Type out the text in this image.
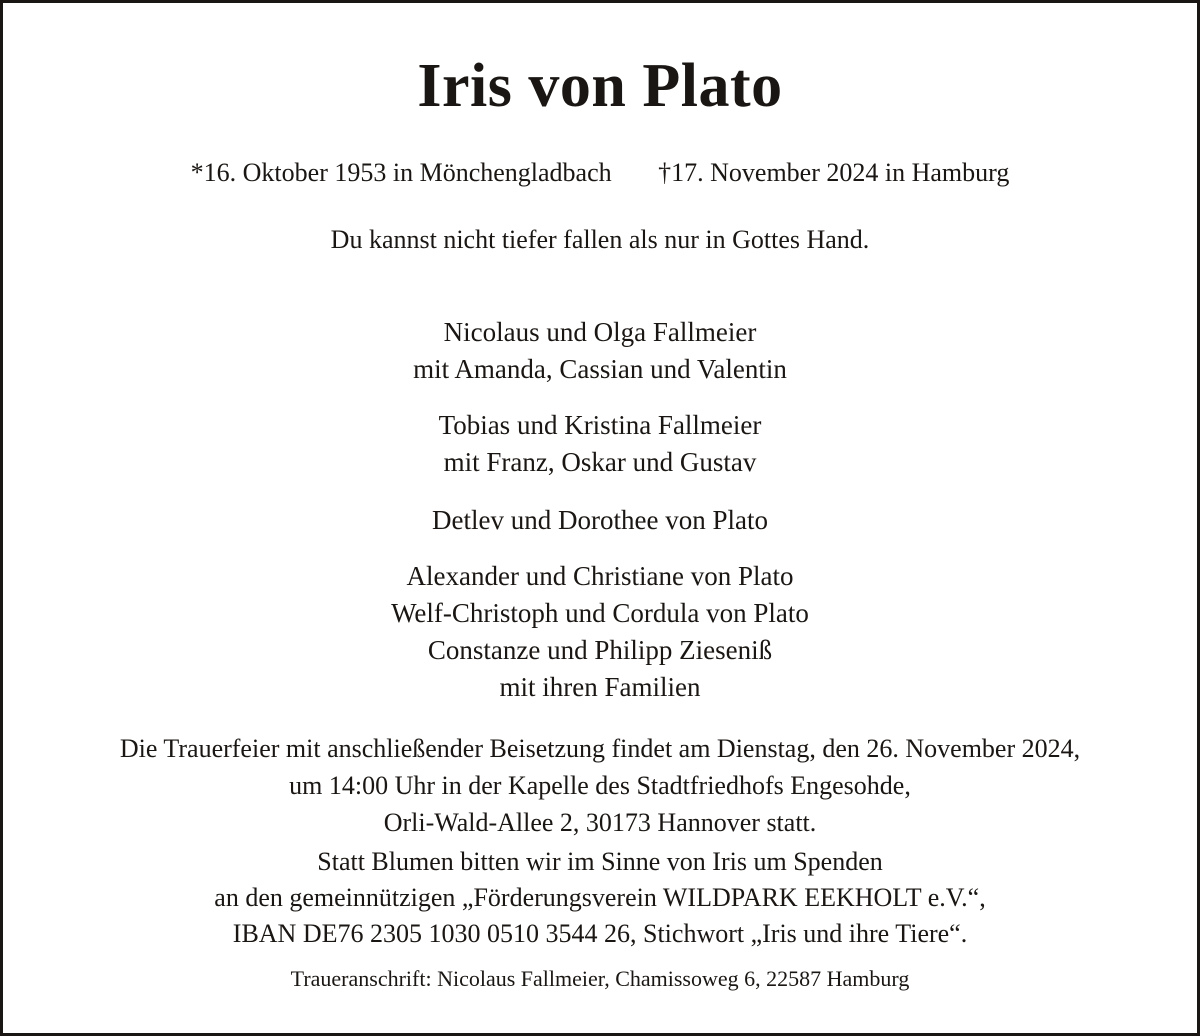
Iris von Plato
*16. Oktober 1953 in Mönchengladbach †17. November 2024 in Hamburg
Du kannst nicht tiefer fallen als nur in Gottes Hand.
Nicolaus und Olga Fallmeier
mit Amanda, Cassian und Valentin
Tobias und Kristina Fallmeier
mit Franz, Oskar und Gustav
Detlev und Dorothee von Plato
Alexander und Christiane von Plato
Welf-Christoph und Cordula von Plato
Constanze und Philipp Zieseniß
mit ihren Familien
Die Trauerfeier mit anschließender Beisetzung findet am Dienstag, den 26. November 2024,
um 14:00 Uhr in der Kapelle des Stadtfriedhofs Engesohde,
Orli-Wald-Allee 2, 30173 Hannover statt.
Statt Blumen bitten wir im Sinne von Iris um Spenden
an den gemeinnützigen „Förderungsverein WILDPARK EEKHOLT e.V.“,
IBAN DE76 2305 1030 0510 3544 26, Stichwort „Iris und ihre Tiere“.
Traueranschrift: Nicolaus Fallmeier, Chamissoweg 6, 22587 Hamburg
